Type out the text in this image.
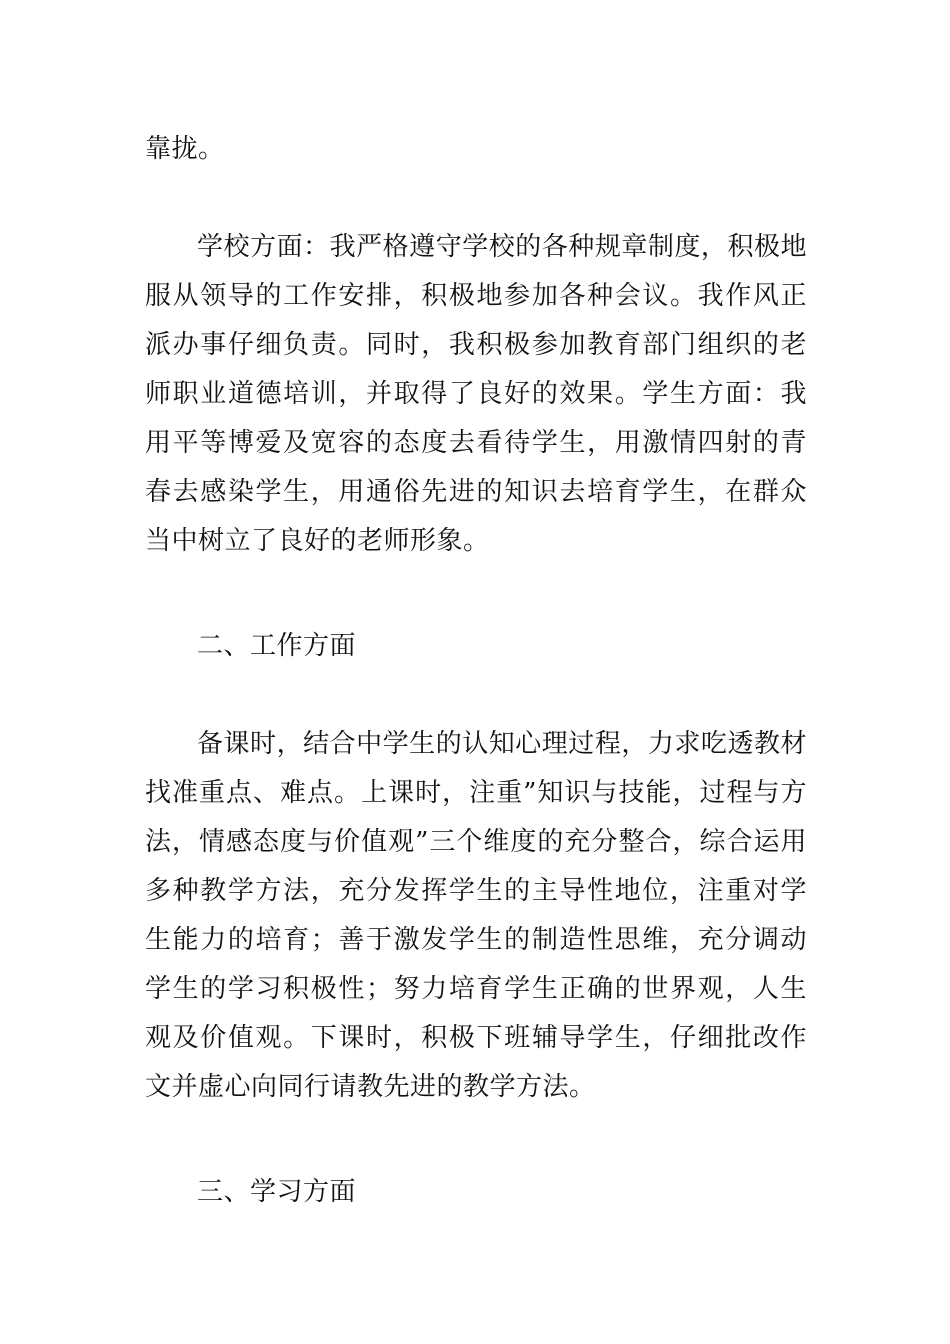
靠拢。

学校方面：我严格遵守学校的各种规章制度，积极地服从领导的工作安排，积极地参加各种会议。我作风正派办事仔细负责。同时，我积极参加教育部门组织的老师职业道德培训，并取得了良好的效果。学生方面：我用平等博爱及宽容的态度去看待学生，用激情四射的青春去感染学生，用通俗先进的知识去培育学生，在群众当中树立了良好的老师形象。

二、工作方面

备课时，结合中学生的认知心理过程，力求吃透教材找准重点、难点。上课时，注重”知识与技能，过程与方法，情感态度与价值观”三个维度的充分整合，综合运用多种教学方法，充分发挥学生的主导性地位，注重对学生能力的培育；善于激发学生的制造性思维，充分调动学生的学习积极性；努力培育学生正确的世界观，人生观及价值观。下课时，积极下班辅导学生，仔细批改作文并虚心向同行请教先进的教学方法。

三、学习方面
